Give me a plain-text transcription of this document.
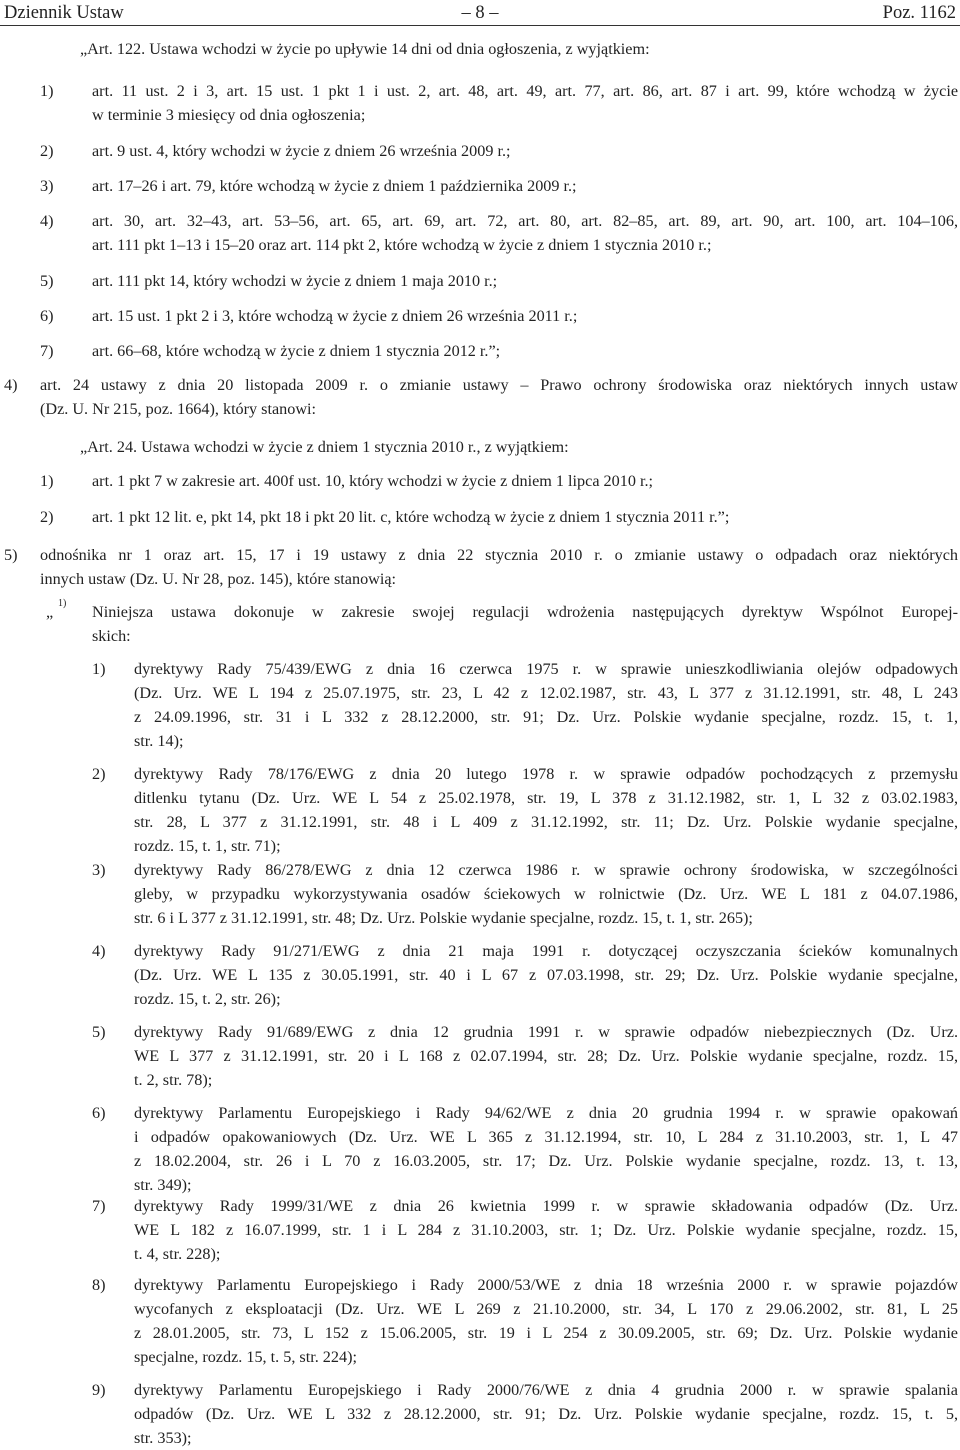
Dziennik Ustaw	– 8 –	Poz. 1162
„Art. 122. Ustawa wchodzi w życie po upływie 14 dni od dnia ogłoszenia, z wyjątkiem:
1) art. 11 ust. 2 i 3, art. 15 ust. 1 pkt 1 i ust. 2, art. 48, art. 49, art. 77, art. 86, art. 87 i art. 99, które wchodzą w życie
w terminie 3 miesięcy od dnia ogłoszenia;
2) art. 9 ust. 4, który wchodzi w życie z dniem 26 września 2009 r.;
3) art. 17–26 i art. 79, które wchodzą w życie z dniem 1 października 2009 r.;
4) art. 30, art. 32–43, art. 53–56, art. 65, art. 69, art. 72, art. 80, art. 82–85, art. 89, art. 90, art. 100, art. 104–106,
art. 111 pkt 1–13 i 15–20 oraz art. 114 pkt 2, które wchodzą w życie z dniem 1 stycznia 2010 r.;
5) art. 111 pkt 14, który wchodzi w życie z dniem 1 maja 2010 r.;
6) art. 15 ust. 1 pkt 2 i 3, które wchodzą w życie z dniem 26 września 2011 r.;
7) art. 66–68, które wchodzą w życie z dniem 1 stycznia 2012 r.”;
4) art. 24 ustawy z dnia 20 listopada 2009 r. o zmianie ustawy – Prawo ochrony środowiska oraz niektórych innych ustaw
(Dz. U. Nr 215, poz. 1664), który stanowi:
„Art. 24. Ustawa wchodzi w życie z dniem 1 stycznia 2010 r., z wyjątkiem:
1) art. 1 pkt 7 w zakresie art. 400f ust. 10, który wchodzi w życie z dniem 1 lipca 2010 r.;
2) art. 1 pkt 12 lit. e, pkt 14, pkt 18 i pkt 20 lit. c, które wchodzą w życie z dniem 1 stycznia 2011 r.”;
5) odnośnika nr 1 oraz art. 15, 17 i 19 ustawy z dnia 22 stycznia 2010 r. o zmianie ustawy o odpadach oraz niektórych
innych ustaw (Dz. U. Nr 28, poz. 145), które stanowią:
„ 1) Niniejsza ustawa dokonuje w zakresie swojej regulacji wdrożenia następujących dyrektyw Wspólnot Europej-
skich:
1) dyrektywy Rady 75/439/EWG z dnia 16 czerwca 1975 r. w sprawie unieszkodliwiania olejów odpadowych
(Dz. Urz. WE L 194 z 25.07.1975, str. 23, L 42 z 12.02.1987, str. 43, L 377 z 31.12.1991, str. 48, L 243
z 24.09.1996, str. 31 i L 332 z 28.12.2000, str. 91; Dz. Urz. Polskie wydanie specjalne, rozdz. 15, t. 1,
str. 14);
2) dyrektywy Rady 78/176/EWG z dnia 20 lutego 1978 r. w sprawie odpadów pochodzących z przemysłu
ditlenku tytanu (Dz. Urz. WE L 54 z 25.02.1978, str. 19, L 378 z 31.12.1982, str. 1, L 32 z 03.02.1983,
str. 28, L 377 z 31.12.1991, str. 48 i L 409 z 31.12.1992, str. 11; Dz. Urz. Polskie wydanie specjalne,
rozdz. 15, t. 1, str. 71);
3) dyrektywy Rady 86/278/EWG z dnia 12 czerwca 1986 r. w sprawie ochrony środowiska, w szczególności
gleby, w przypadku wykorzystywania osadów ściekowych w rolnictwie (Dz. Urz. WE L 181 z 04.07.1986,
str. 6 i L 377 z 31.12.1991, str. 48; Dz. Urz. Polskie wydanie specjalne, rozdz. 15, t. 1, str. 265);
4) dyrektywy Rady 91/271/EWG z dnia 21 maja 1991 r. dotyczącej oczyszczania ścieków komunalnych
(Dz. Urz. WE L 135 z 30.05.1991, str. 40 i L 67 z 07.03.1998, str. 29; Dz. Urz. Polskie wydanie specjalne,
rozdz. 15, t. 2, str. 26);
5) dyrektywy Rady 91/689/EWG z dnia 12 grudnia 1991 r. w sprawie odpadów niebezpiecznych (Dz. Urz.
WE L 377 z 31.12.1991, str. 20 i L 168 z 02.07.1994, str. 28; Dz. Urz. Polskie wydanie specjalne, rozdz. 15,
t. 2, str. 78);
6) dyrektywy Parlamentu Europejskiego i Rady 94/62/WE z dnia 20 grudnia 1994 r. w sprawie opakowań
i odpadów opakowaniowych (Dz. Urz. WE L 365 z 31.12.1994, str. 10, L 284 z 31.10.2003, str. 1, L 47
z 18.02.2004, str. 26 i L 70 z 16.03.2005, str. 17; Dz. Urz. Polskie wydanie specjalne, rozdz. 13, t. 13,
str. 349);
7) dyrektywy Rady 1999/31/WE z dnia 26 kwietnia 1999 r. w sprawie składowania odpadów (Dz. Urz.
WE L 182 z 16.07.1999, str. 1 i L 284 z 31.10.2003, str. 1; Dz. Urz. Polskie wydanie specjalne, rozdz. 15,
t. 4, str. 228);
8) dyrektywy Parlamentu Europejskiego i Rady 2000/53/WE z dnia 18 września 2000 r. w sprawie pojazdów
wycofanych z eksploatacji (Dz. Urz. WE L 269 z 21.10.2000, str. 34, L 170 z 29.06.2002, str. 81, L 25
z 28.01.2005, str. 73, L 152 z 15.06.2005, str. 19 i L 254 z 30.09.2005, str. 69; Dz. Urz. Polskie wydanie
specjalne, rozdz. 15, t. 5, str. 224);
9) dyrektywy Parlamentu Europejskiego i Rady 2000/76/WE z dnia 4 grudnia 2000 r. w sprawie spalania
odpadów (Dz. Urz. WE L 332 z 28.12.2000, str. 91; Dz. Urz. Polskie wydanie specjalne, rozdz. 15, t. 5,
str. 353);
